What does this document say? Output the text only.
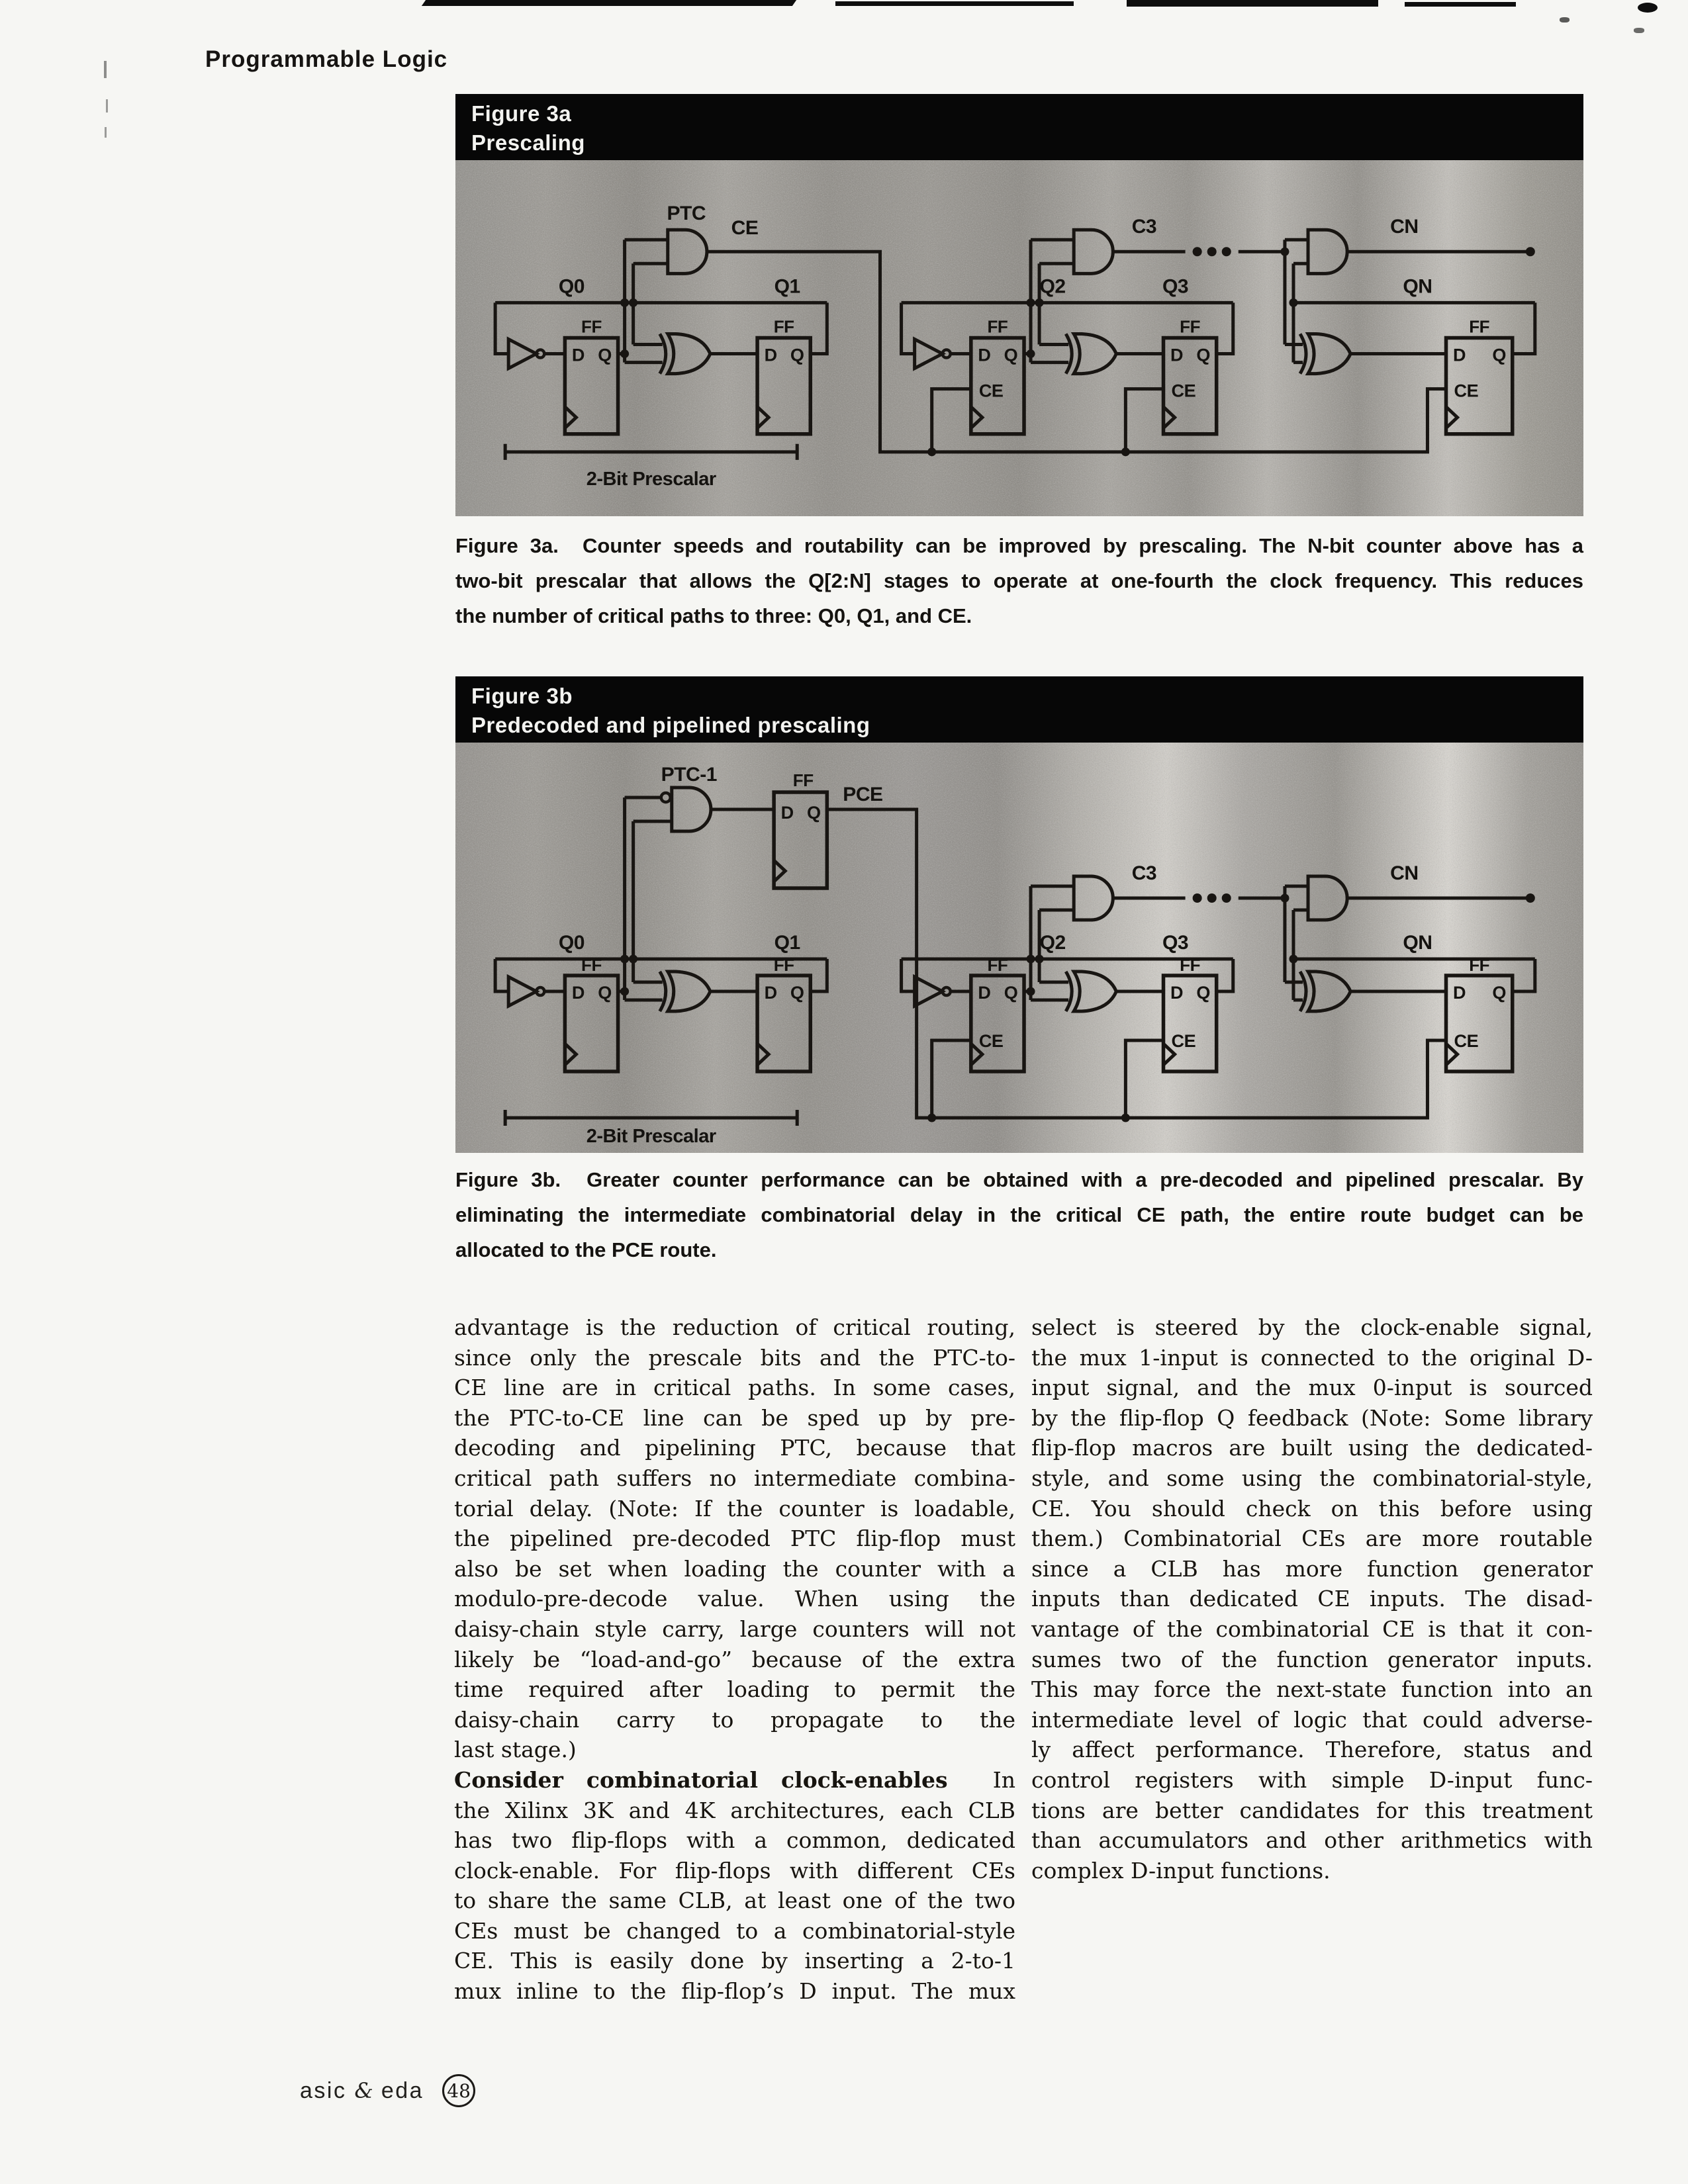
Programmable Logic
Figure 3a
Prescaling
Q0	Q1	Q2	Q3	QN
PTC
CE	C3	CN
FF	FF	FF	FF	FF
D Q	D Q	D Q	D Q	D Q
CE	CE	CE
2-Bit Prescalar
Figure 3a.  Counter speeds and routability can be improved by prescaling. The N-bit counter above has a
two-bit prescalar that allows the Q[2:N] stages to operate at one-fourth the clock frequency. This reduces
the number of critical paths to three: Q0, Q1, and CE.
Figure 3b
Predecoded and pipelined prescaling
PTC-1	FF
PCE
D Q
Q0	Q1	Q2	Q3	QN
C3	CN
FF	FF	FF	FF	FF
D Q	D Q	D Q	D Q	D Q
CE	CE	CE
2-Bit Prescalar
Figure 3b.  Greater counter performance can be obtained with a pre-decoded and pipelined prescalar. By
eliminating the intermediate combinatorial delay in the critical CE path, the entire route budget can be
allocated to the PCE route.
advantage is the reduction of critical routing,
since only the prescale bits and the PTC-to-
CE line are in critical paths. In some cases,
the PTC-to-CE line can be sped up by pre-
decoding and pipelining PTC, because that
critical path suffers no intermediate combina-
torial delay. (Note: If the counter is loadable,
the pipelined pre-decoded PTC flip-flop must
also be set when loading the counter with a
modulo-pre-decode value. When using the
daisy-chain style carry, large counters will not
likely be “load-and-go” because of the extra
time required after loading to permit the
daisy-chain carry to propagate to the
last stage.)
Consider combinatorial clock-enables  In
the Xilinx 3K and 4K architectures, each CLB
has two flip-flops with a common, dedicated
clock-enable. For flip-flops with different CEs
to share the same CLB, at least one of the two
CEs must be changed to a combinatorial-style
CE. This is easily done by inserting a 2-to-1
mux inline to the flip-flop’s D input. The mux
select is steered by the clock-enable signal,
the mux 1-input is connected to the original D-
input signal, and the mux 0-input is sourced
by the flip-flop Q feedback (Note: Some library
flip-flop macros are built using the dedicated-
style, and some using the combinatorial-style,
CE. You should check on this before using
them.) Combinatorial CEs are more routable
since a CLB has more function generator
inputs than dedicated CE inputs. The disad-
vantage of the combinatorial CE is that it con-
sumes two of the function generator inputs.
This may force the next-state function into an
intermediate level of logic that could adverse-
ly affect performance. Therefore, status and
control registers with simple D-input func-
tions are better candidates for this treatment
than accumulators and other arithmetics with
complex D-input functions.
asic & eda 48
